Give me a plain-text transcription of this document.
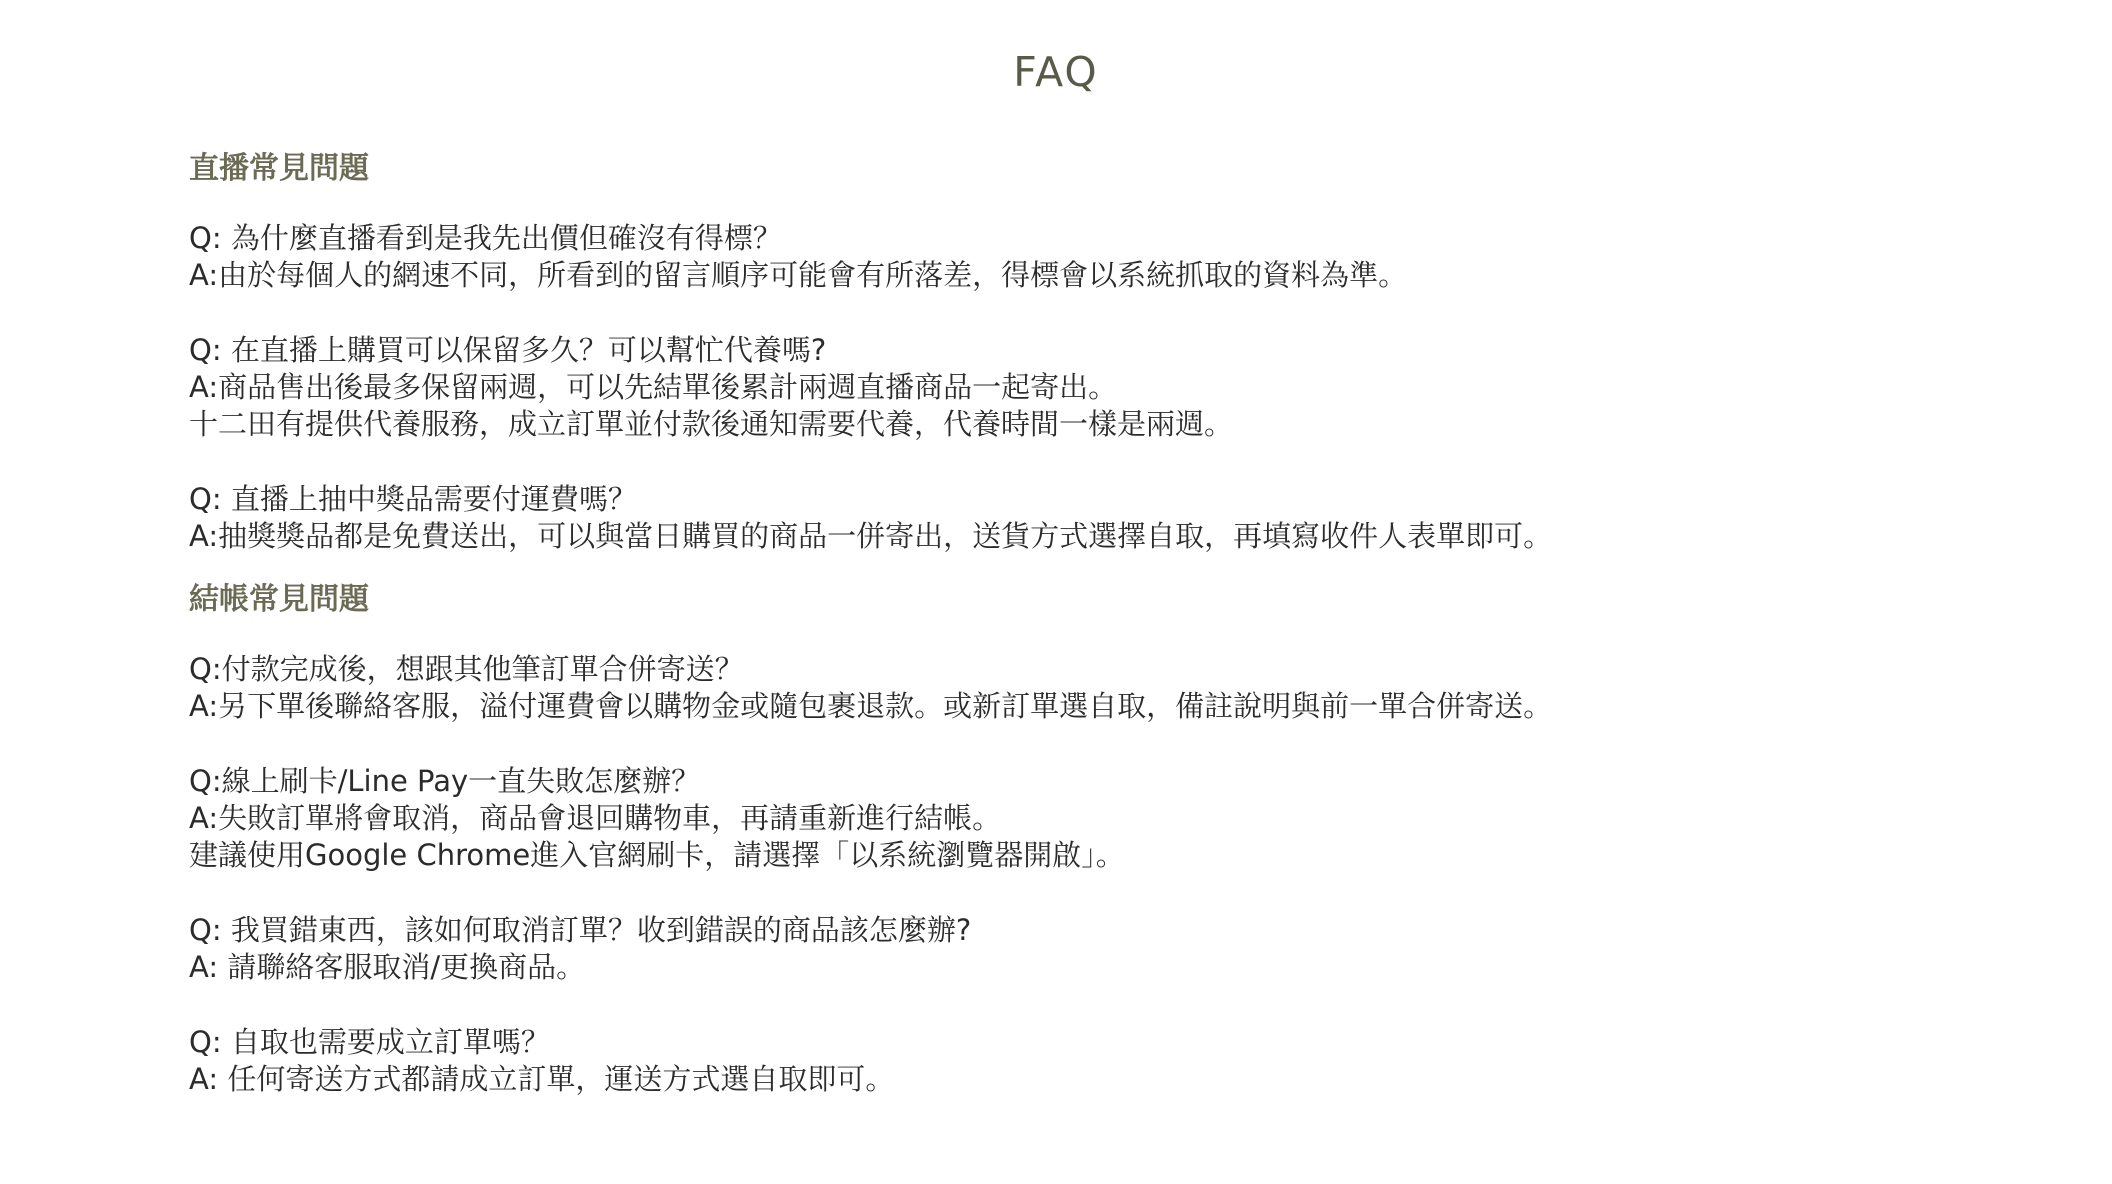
FAQ
直播常見問題
Q: 為什麼直播看到是我先出價但確沒有得標？
A:由於每個人的網速不同，所看到的留言順序可能會有所落差，得標會以系統抓取的資料為準。
Q: 在直播上購買可以保留多久？可以幫忙代養嗎?
A:商品售出後最多保留兩週，可以先結單後累計兩週直播商品一起寄出。
十二田有提供代養服務，成立訂單並付款後通知需要代養，代養時間一樣是兩週。
Q: 直播上抽中獎品需要付運費嗎？
A:抽獎獎品都是免費送出，可以與當日購買的商品一併寄出，送貨方式選擇自取，再填寫收件人表單即可。
結帳常見問題
Q:付款完成後，想跟其他筆訂單合併寄送？
A:另下單後聯絡客服，溢付運費會以購物金或隨包裹退款。或新訂單選自取，備註說明與前一單合併寄送。
Q:線上刷卡/Line Pay一直失敗怎麼辦？
A:失敗訂單將會取消，商品會退回購物車，再請重新進行結帳。
建議使用Google Chrome進入官網刷卡，請選擇「以系統瀏覽器開啟」。
Q: 我買錯東西，該如何取消訂單？收到錯誤的商品該怎麼辦?
A: 請聯絡客服取消/更換商品。
Q: 自取也需要成立訂單嗎？
A: 任何寄送方式都請成立訂單，運送方式選自取即可。
